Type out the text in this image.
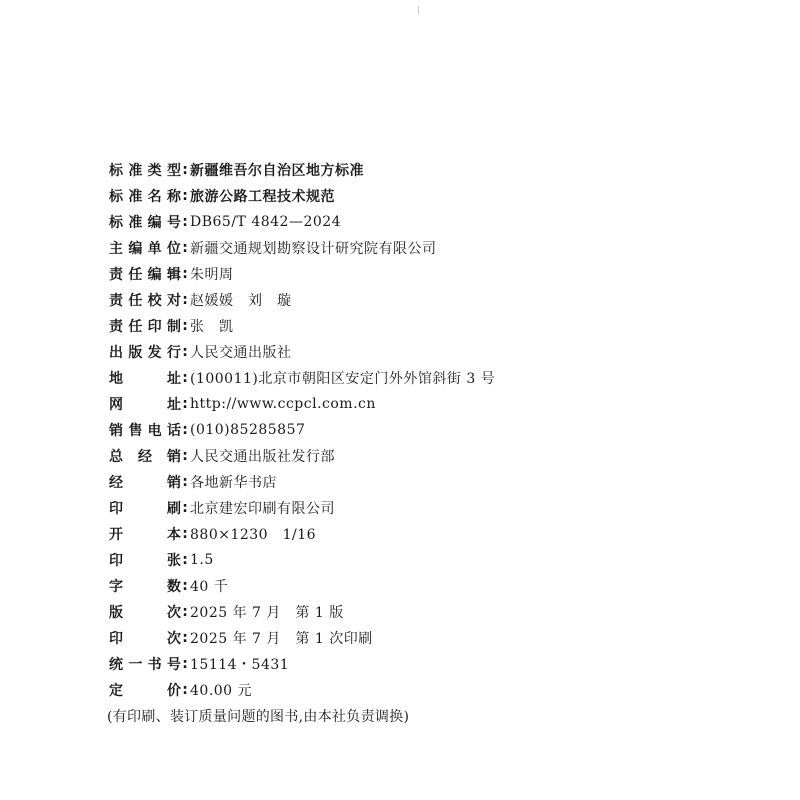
标准类型 : 新疆维吾尔自治区地方标准
标准名称 : 旅游公路工程技术规范
标准编号 : DB65/T 4842—2024
主编单位 : 新疆交通规划勘察设计研究院有限公司
责任编辑 : 朱明周
责任校对 : 赵媛媛　刘　璇
责任印制 : 张　凯
出版发行 : 人民交通出版社
地址 : (100011)北京市朝阳区安定门外外馆斜街 3 号
网址 : http://www.ccpcl.com.cn
销售电话 : (010)85285857
总经销 : 人民交通出版社发行部
经销 : 各地新华书店
印刷 : 北京建宏印刷有限公司
开本 : 880×1230　1/16
印张 : 1.5
字数 : 40 千
版次 : 2025 年 7 月　第 1 版
印次 : 2025 年 7 月　第 1 次印刷
统一书号 : 15114・5431
定价 : 40.00 元
(有印刷、装订质量问题的图书,由本社负责调换)
